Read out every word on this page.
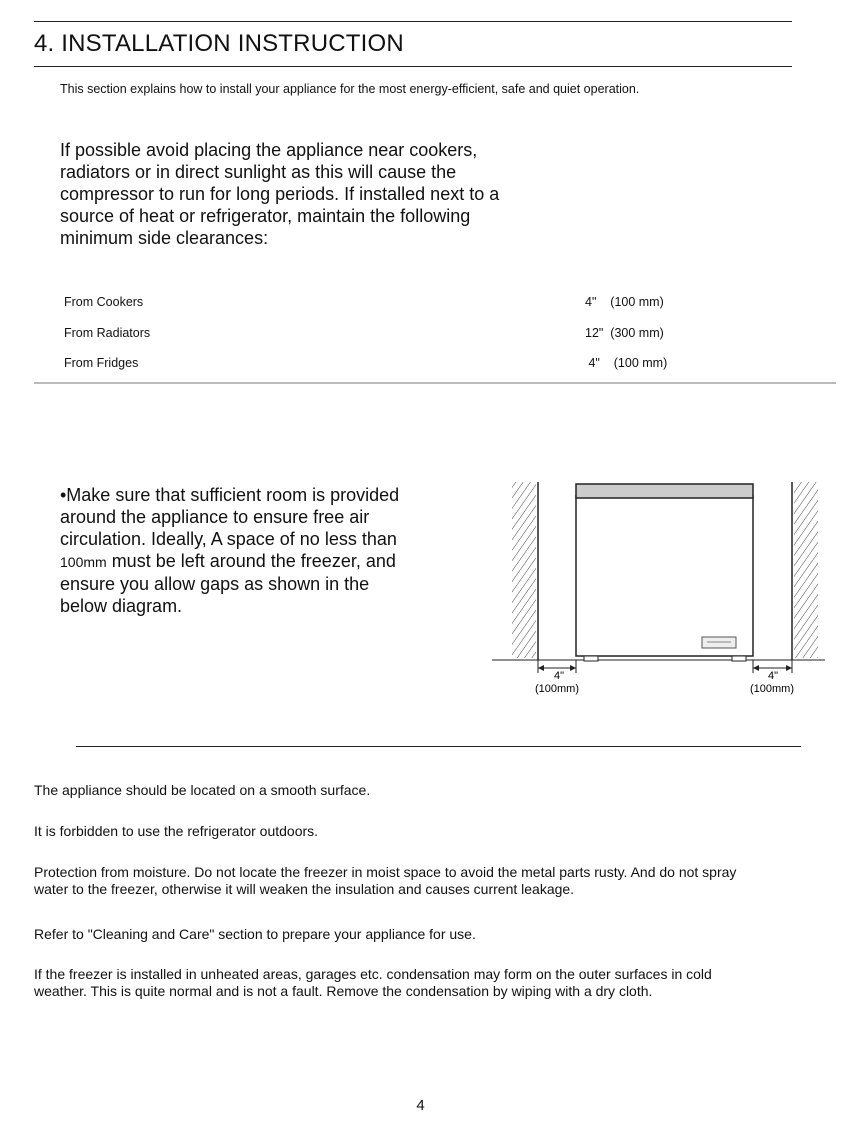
4. INSTALLATION INSTRUCTION
This section explains how to install your appliance for the most energy-efficient, safe and quiet operation.

If possible avoid placing the appliance near cookers, radiators or in direct sunlight as this will cause the compressor to run for long periods. If installed next to a source of heat or refrigerator, maintain the following minimum side clearances:

From Cookers	4"    (100 mm)
From Radiators	12"  (300 mm)
From Fridges	4"    (100 mm)

•Make sure that sufficient room is provided around the appliance to ensure free air circulation. Ideally, A space of no less than 100mm must be left around the freezer, and ensure you allow gaps as shown in the below diagram.

4"
(100mm)
4"
(100mm)

The appliance should be located on a smooth surface.

It is forbidden to use the refrigerator outdoors.

Protection from moisture. Do not locate the freezer in moist space to avoid the metal parts rusty. And do not spray water to the freezer, otherwise it will weaken the insulation and causes current leakage.

Refer to "Cleaning and Care" section to prepare your appliance for use.

If the freezer is installed in unheated areas, garages etc. condensation may form on the outer surfaces in cold weather. This is quite normal and is not a fault. Remove the condensation by wiping with a dry cloth.

4
